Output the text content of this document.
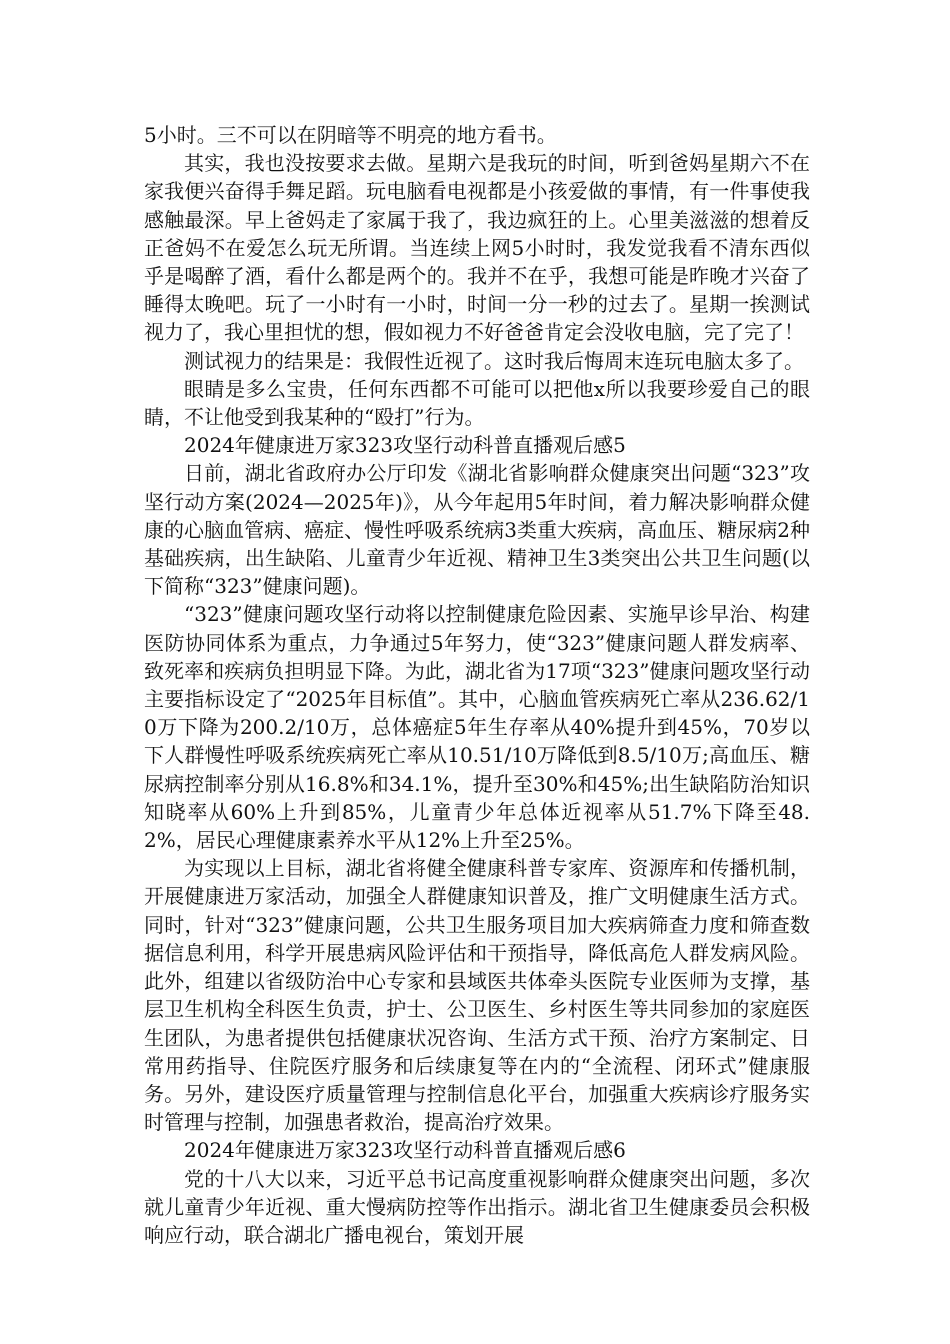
5小时。三不可以在阴暗等不明亮的地方看书。

其实，我也没按要求去做。星期六是我玩的时间，听到爸妈星期六不在家我便兴奋得手舞足蹈。玩电脑看电视都是小孩爱做的事情，有一件事使我感触最深。早上爸妈走了家属于我了，我边疯狂的上。心里美滋滋的想着反正爸妈不在爱怎么玩无所谓。当连续上网5小时时，我发觉我看不清东西似乎是喝醉了酒，看什么都是两个的。我并不在乎，我想可能是昨晚才兴奋了睡得太晚吧。玩了一小时有一小时，时间一分一秒的过去了。星期一挨测试视力了，我心里担忧的想，假如视力不好爸爸肯定会没收电脑，完了完了！

测试视力的结果是：我假性近视了。这时我后悔周末连玩电脑太多了。

眼睛是多么宝贵，任何东西都不可能可以把他x所以我要珍爱自己的眼睛，不让他受到我某种的“殴打”行为。

2024年健康进万家323攻坚行动科普直播观后感5

日前，湖北省政府办公厅印发《湖北省影响群众健康突出问题“323”攻坚行动方案(2024—2025年)》，从今年起用5年时间，着力解决影响群众健康的心脑血管病、癌症、慢性呼吸系统病3类重大疾病，高血压、糖尿病2种基础疾病，出生缺陷、儿童青少年近视、精神卫生3类突出公共卫生问题(以下简称“323”健康问题)。

“323”健康问题攻坚行动将以控制健康危险因素、实施早诊早治、构建医防协同体系为重点，力争通过5年努力，使“323”健康问题人群发病率、致死率和疾病负担明显下降。为此，湖北省为17项“323”健康问题攻坚行动主要指标设定了“2025年目标值”。其中，心脑血管疾病死亡率从236.62/10万下降为200.2/10万，总体癌症5年生存率从40%提升到45%，70岁以下人群慢性呼吸系统疾病死亡率从10.51/10万降低到8.5/10万;高血压、糖尿病控制率分别从16.8%和34.1%，提升至30%和45%;出生缺陷防治知识知晓率从60%上升到85%，儿童青少年总体近视率从51.7%下降至48.2%，居民心理健康素养水平从12%上升至25%。

为实现以上目标，湖北省将健全健康科普专家库、资源库和传播机制，开展健康进万家活动，加强全人群健康知识普及，推广文明健康生活方式。同时，针对“323”健康问题，公共卫生服务项目加大疾病筛查力度和筛查数据信息利用，科学开展患病风险评估和干预指导，降低高危人群发病风险。此外，组建以省级防治中心专家和县域医共体牵头医院专业医师为支撑，基层卫生机构全科医生负责，护士、公卫医生、乡村医生等共同参加的家庭医生团队，为患者提供包括健康状况咨询、生活方式干预、治疗方案制定、日常用药指导、住院医疗服务和后续康复等在内的“全流程、闭环式”健康服务。另外，建设医疗质量管理与控制信息化平台，加强重大疾病诊疗服务实时管理与控制，加强患者救治，提高治疗效果。

2024年健康进万家323攻坚行动科普直播观后感6

党的十八大以来，习近平总书记高度重视影响群众健康突出问题，多次就儿童青少年近视、重大慢病防控等作出指示。湖北省卫生健康委员会积极响应行动，联合湖北广播电视台，策划开展
